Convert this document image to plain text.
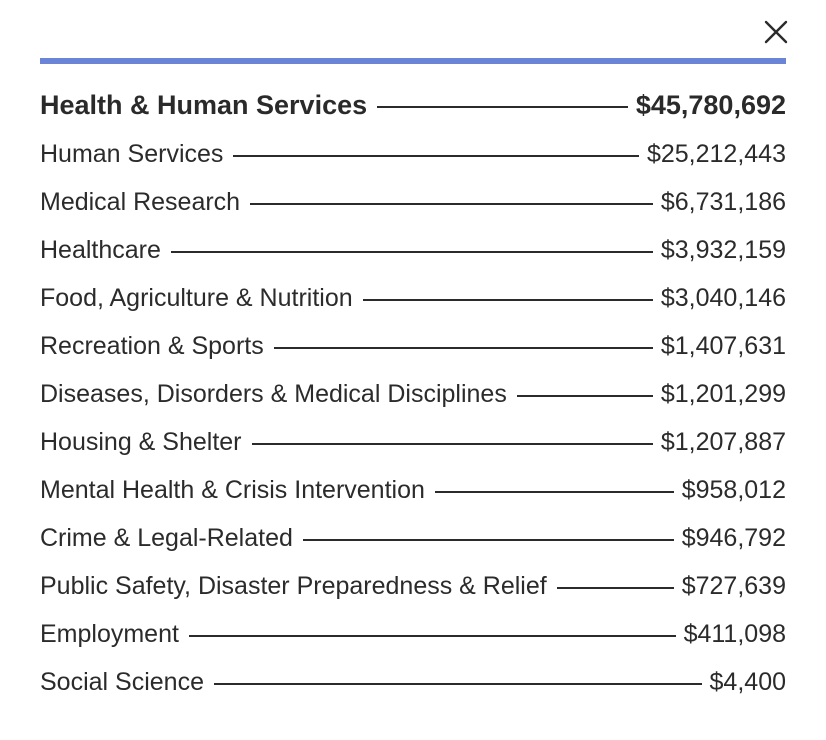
Health & Human Services	$45,780,692
Human Services	$25,212,443
Medical Research	$6,731,186
Healthcare	$3,932,159
Food, Agriculture & Nutrition	$3,040,146
Recreation & Sports	$1,407,631
Diseases, Disorders & Medical Disciplines	$1,201,299
Housing & Shelter	$1,207,887
Mental Health & Crisis Intervention	$958,012
Crime & Legal-Related	$946,792
Public Safety, Disaster Preparedness & Relief	$727,639
Employment	$411,098
Social Science	$4,400
